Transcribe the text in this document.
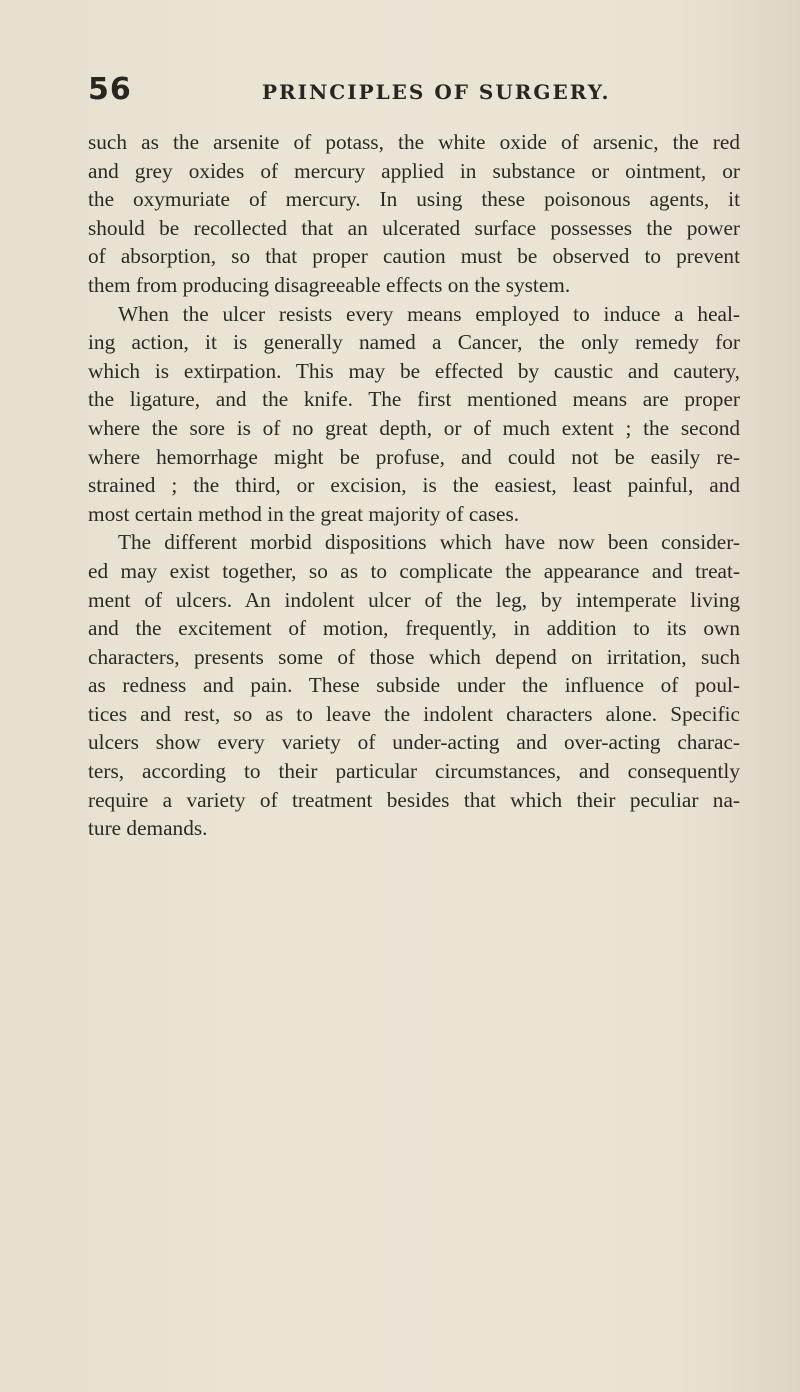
56	PRINCIPLES OF SURGERY.

such as the arsenite of potass, the white oxide of arsenic, the red
and grey oxides of mercury applied in substance or ointment, or
the oxymuriate of mercury. In using these poisonous agents, it
should be recollected that an ulcerated surface possesses the power
of absorption, so that proper caution must be observed to prevent
them from producing disagreeable effects on the system.

When the ulcer resists every means employed to induce a heal-
ing action, it is generally named a Cancer, the only remedy for
which is extirpation. This may be effected by caustic and cautery,
the ligature, and the knife. The first mentioned means are proper
where the sore is of no great depth, or of much extent ; the second
where hemorrhage might be profuse, and could not be easily re-
strained ; the third, or excision, is the easiest, least painful, and
most certain method in the great majority of cases.

The different morbid dispositions which have now been consider-
ed may exist together, so as to complicate the appearance and treat-
ment of ulcers. An indolent ulcer of the leg, by intemperate living
and the excitement of motion, frequently, in addition to its own
characters, presents some of those which depend on irritation, such
as redness and pain. These subside under the influence of poul-
tices and rest, so as to leave the indolent characters alone. Specific
ulcers show every variety of under-acting and over-acting charac-
ters, according to their particular circumstances, and consequently
require a variety of treatment besides that which their peculiar na-
ture demands.
